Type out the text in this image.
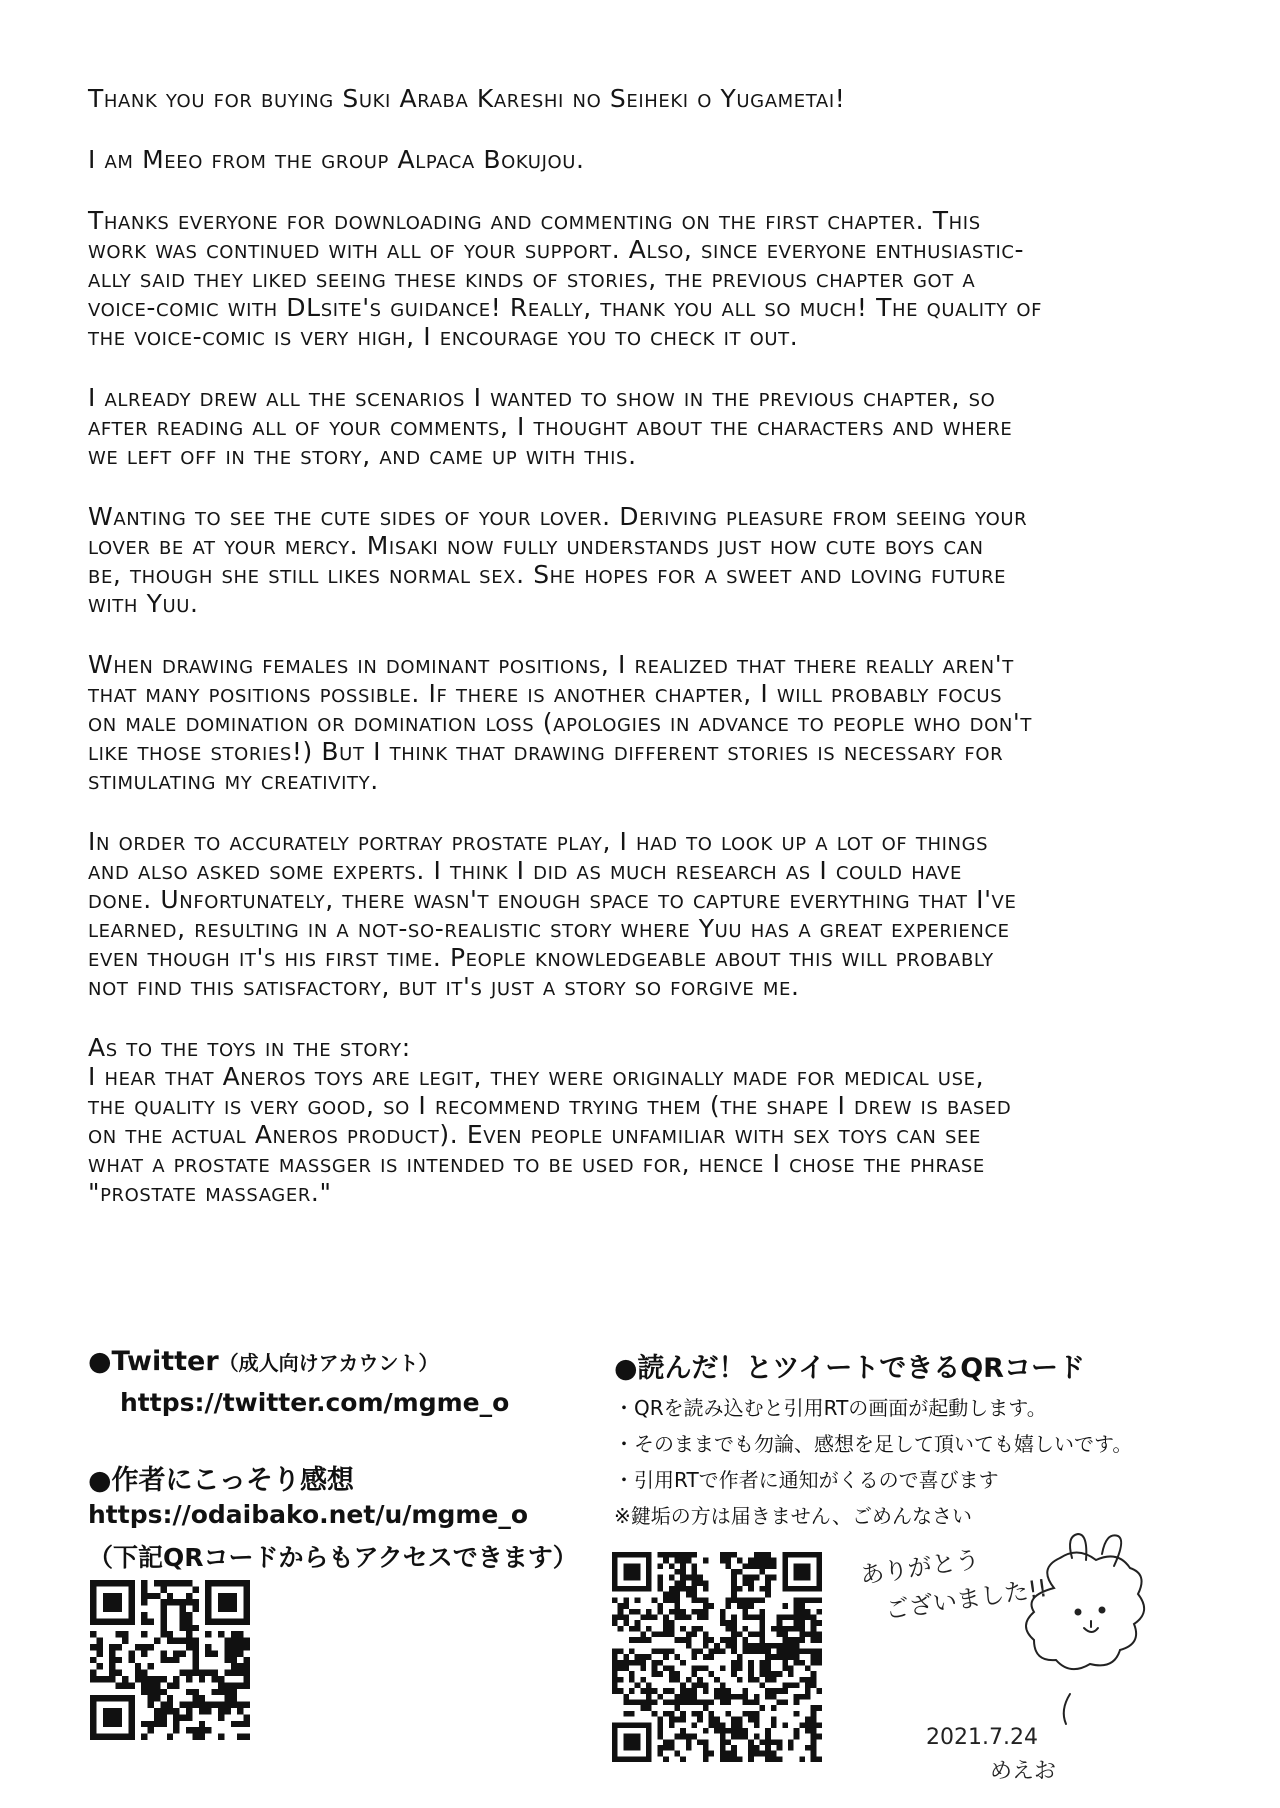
Thank you for buying Suki Araba Kareshi no Seiheki o Yugametai!

I am Meeo from the group Alpaca Bokujou.

Thanks everyone for downloading and commenting on the first chapter. This
work was continued with all of your support. Also, since everyone enthusiastic-
ally said they liked seeing these kinds of stories, the previous chapter got a
voice-comic with DLsite's guidance! Really, thank you all so much! The quality of
the voice-comic is very high, I encourage you to check it out.

I already drew all the scenarios I wanted to show in the previous chapter, so
after reading all of your comments, I thought about the characters and where
we left off in the story, and came up with this.

Wanting to see the cute sides of your lover. Deriving pleasure from seeing your
lover be at your mercy. Misaki now fully understands just how cute boys can
be, though she still likes normal sex. She hopes for a sweet and loving future
with Yuu.

When drawing females in dominant positions, I realized that there really aren't
that many positions possible. If there is another chapter, I will probably focus
on male domination or domination loss (apologies in advance to people who don't
like those stories!) But I think that drawing different stories is necessary for
stimulating my creativity.

In order to accurately portray prostate play, I had to look up a lot of things
and also asked some experts. I think I did as much research as I could have
done. Unfortunately, there wasn't enough space to capture everything that I've
learned, resulting in a not-so-realistic story where Yuu has a great experience
even though it's his first time. People knowledgeable about this will probably
not find this satisfactory, but it's just a story so forgive me.

As to the toys in the story:
I hear that Aneros toys are legit, they were originally made for medical use,
the quality is very good, so I recommend trying them (the shape I drew is based
on the actual Aneros product). Even people unfamiliar with sex toys can see
what a prostate massger is intended to be used for, hence I chose the phrase
"prostate massager."

●Twitter（成人向けアカウント）
https://twitter.com/mgme_o
●作者にこっそり感想
https://odaibako.net/u/mgme_o
（下記QRコードからもアクセスできます）
●読んだ！とツイートできるQRコード
・QRを読み込むと引用RTの画面が起動します。
・そのままでも勿論、感想を足して頂いても嬉しいです。
・引用RTで作者に通知がくるので喜びます
※鍵垢の方は届きません、ごめんなさい
ありがとう
ございました!!
2021.7.24
めえお
